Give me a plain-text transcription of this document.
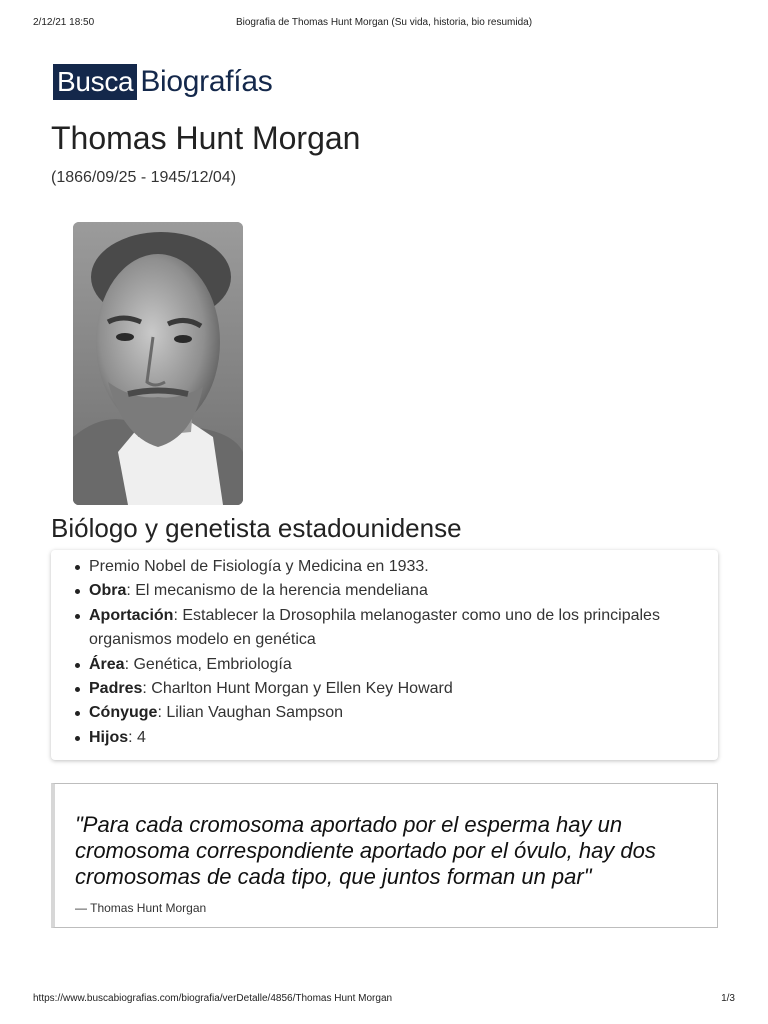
2/12/21 18:50	Biografia de Thomas Hunt Morgan (Su vida, historia, bio resumida)
Busca Biografías
Thomas Hunt Morgan
(1866/09/25 - 1945/12/04)
Biólogo y genetista estadounidense
Premio Nobel de Fisiología y Medicina en 1933.
Obra: El mecanismo de la herencia mendeliana
Aportación: Establecer la Drosophila melanogaster como uno de los principales organismos modelo en genética
Área: Genética, Embriología
Padres: Charlton Hunt Morgan y Ellen Key Howard
Cónyuge: Lilian Vaughan Sampson
Hijos: 4

"Para cada cromosoma aportado por el esperma hay un cromosoma correspondiente aportado por el óvulo, hay dos cromosomas de cada tipo, que juntos forman un par"

— Thomas Hunt Morgan

https://www.buscabiografias.com/biografia/verDetalle/4856/Thomas Hunt Morgan	1/3
